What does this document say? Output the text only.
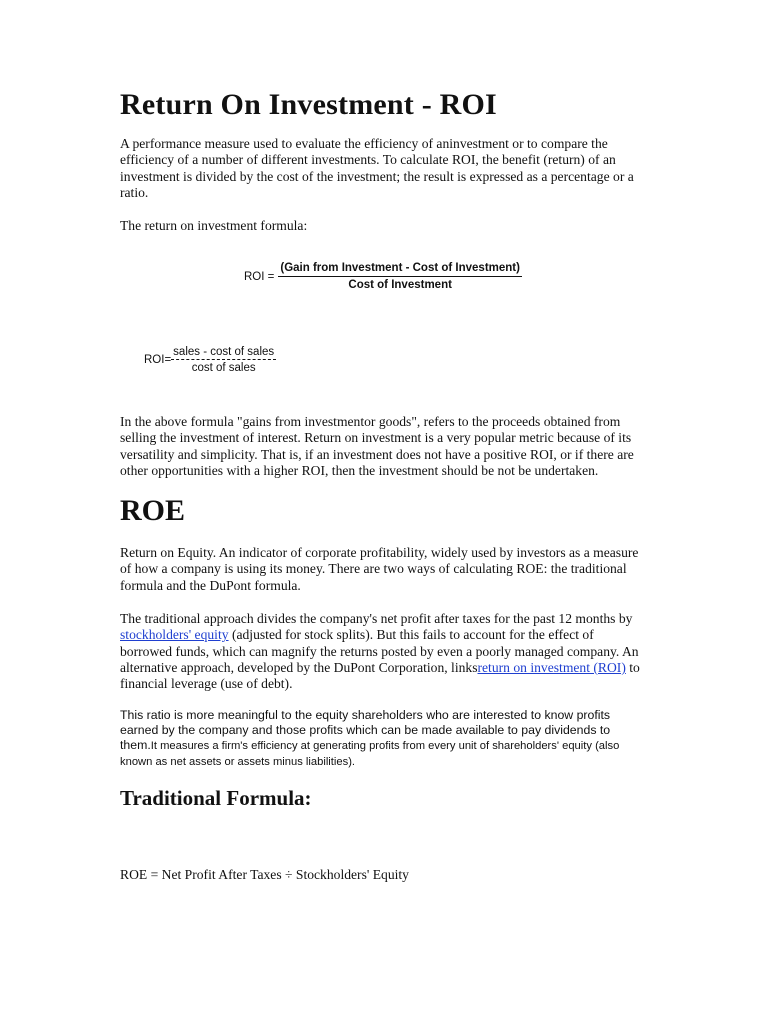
Return On Investment - ROI

A performance measure used to evaluate the efficiency of aninvestment or to compare the efficiency of a number of different investments. To calculate ROI, the benefit (return) of an investment is divided by the cost of the investment; the result is expressed as a percentage or a ratio.

The return on investment formula:

ROI = $\frac{\text{(Gain from Investment - Cost of Investment)}}{\text{Cost of Investment}}$
$ROI= \frac{\text{sales - cost of sales}}{\text{cost of sales}}$

In the above formula "gains from investmentor goods", refers to the proceeds obtained from selling the investment of interest. Return on investment is a very popular metric because of its versatility and simplicity. That is, if an investment does not have a positive ROI, or if there are other opportunities with a higher ROI, then the investment should be not be undertaken.

ROE

Return on Equity. An indicator of corporate profitability, widely used by investors as a measure of how a company is using its money. There are two ways of calculating ROE: the traditional formula and the DuPont formula.

The traditional approach divides the company's net profit after taxes for the past 12 months by stockholders' equity (adjusted for stock splits). But this fails to account for the effect of borrowed funds, which can magnify the returns posted by even a poorly managed company. An alternative approach, developed by the DuPont Corporation, linksreturn on investment (ROI) to financial leverage (use of debt).

This ratio is more meaningful to the equity shareholders who are interested to know profits earned by the company and those profits which can be made available to pay dividends to them.It measures a firm's efficiency at generating profits from every unit of shareholders' equity (also known as net assets or assets minus liabilities).

Traditional Formula:

ROE = Net Profit After Taxes ÷ Stockholders' Equity
